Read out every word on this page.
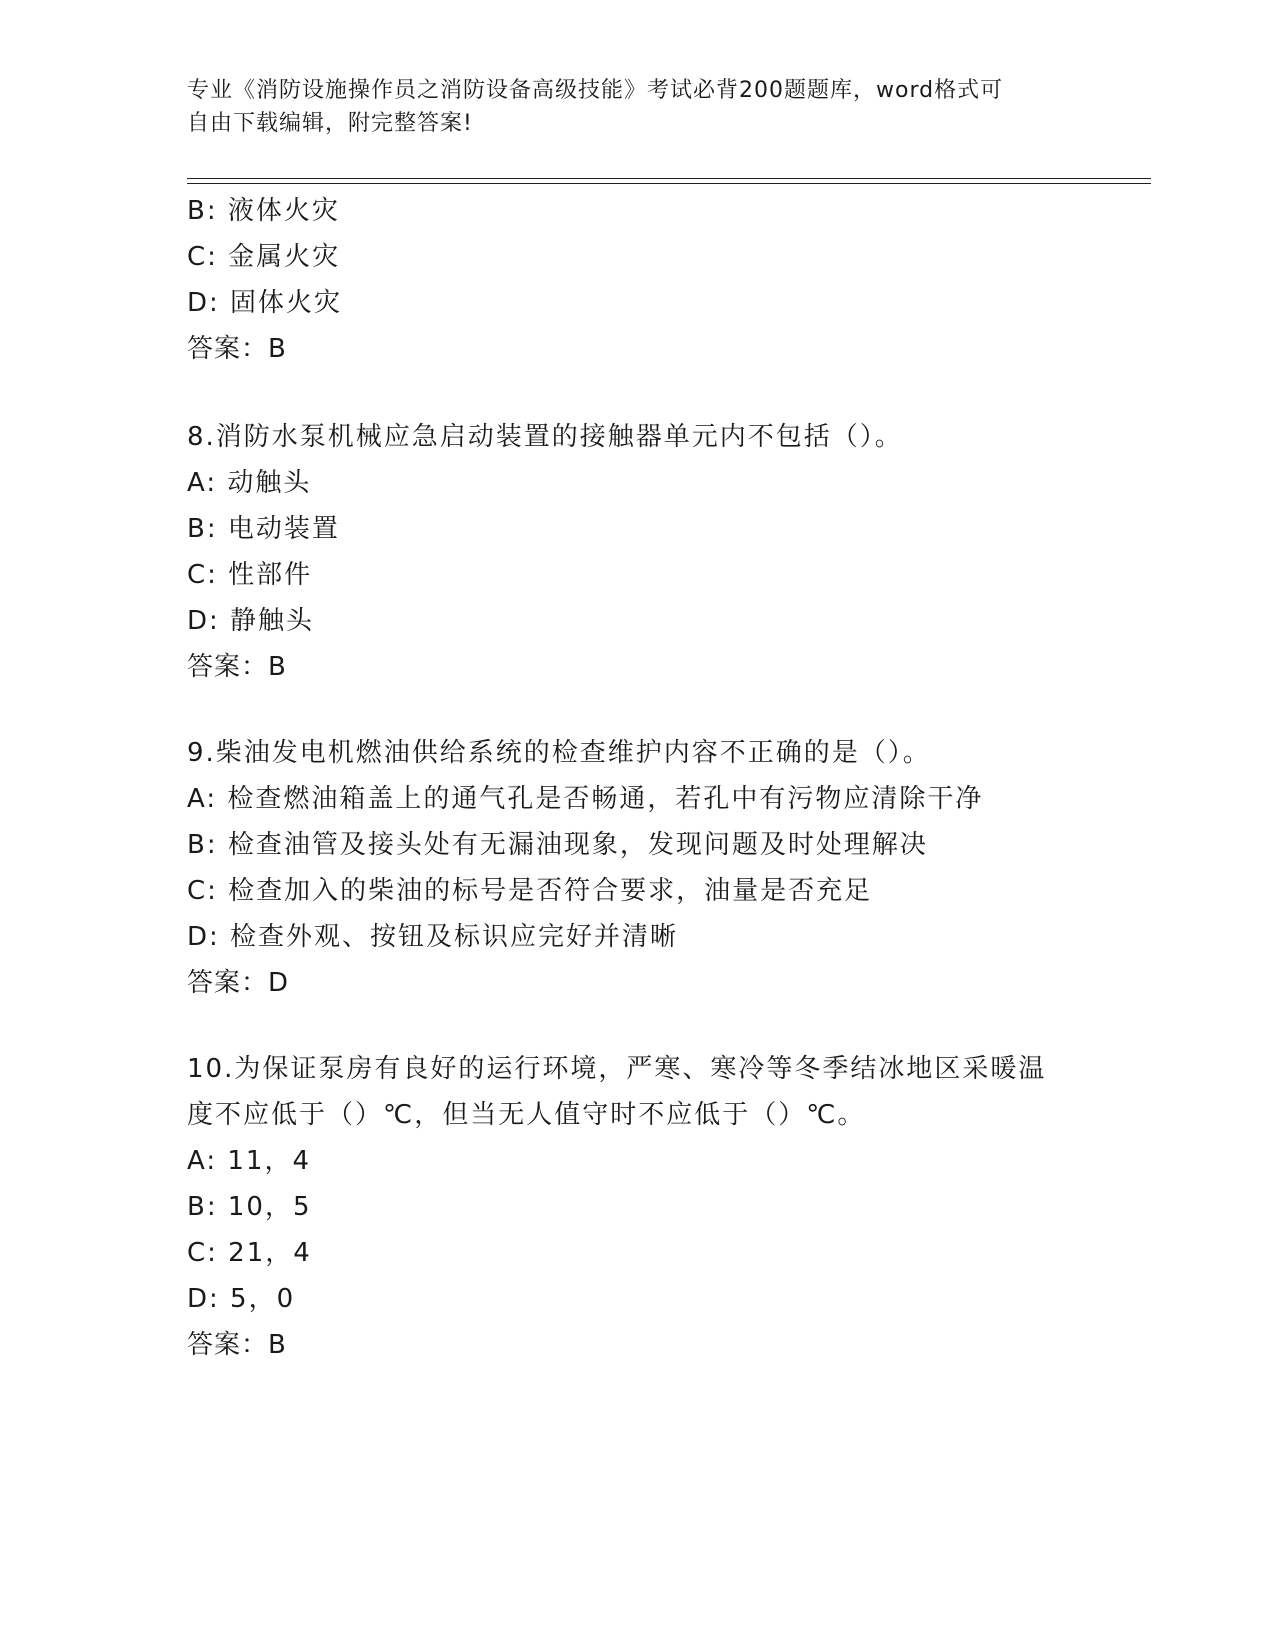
专业《消防设施操作员之消防设备高级技能》考试必背200题题库，word格式可
自由下载编辑，附完整答案!
B: 液体火灾
C: 金属火灾
D: 固体火灾
答案：B
8.消防水泵机械应急启动装置的接触器单元内不包括（）。
A: 动触头
B: 电动装置
C: 性部件
D: 静触头
答案：B
9.柴油发电机燃油供给系统的检查维护内容不正确的是（）。
A: 检查燃油箱盖上的通气孔是否畅通，若孔中有污物应清除干净
B: 检查油管及接头处有无漏油现象，发现问题及时处理解决
C: 检查加入的柴油的标号是否符合要求，油量是否充足
D: 检查外观、按钮及标识应完好并清晰
答案：D
10.为保证泵房有良好的运行环境，严寒、寒冷等冬季结冰地区采暖温
度不应低于（）℃，但当无人值守时不应低于（）℃。
A: 11，4
B: 10，5
C: 21，4
D: 5，0
答案：B
